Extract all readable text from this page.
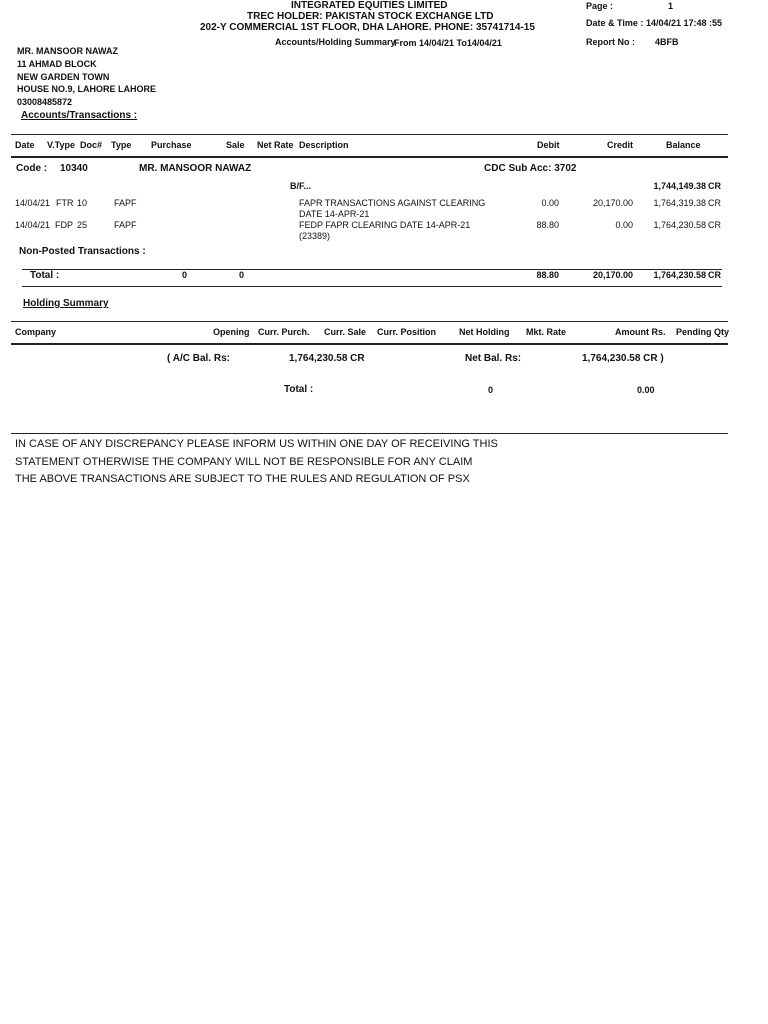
INTEGRATED EQUITIES LIMITED
TREC HOLDER: PAKISTAN STOCK EXCHANGE LTD
202-Y COMMERCIAL 1ST FLOOR, DHA LAHORE. PHONE: 35741714-15
Accounts/Holding Summary
From 14/04/21 To14/04/21
Page :	1
Date & Time : 14/04/21 17:48 :55
Report No : 4BFB
MR. MANSOOR NAWAZ
11 AHMAD BLOCK
NEW GARDEN TOWN
HOUSE NO.9, LAHORE LAHORE
03008485872
Accounts/Transactions :
Date V.Type Doc# Type Purchase	Sale Net Rate Description	Debit	Credit	Balance
Code : 10340	MR. MANSOOR NAWAZ	CDC Sub Acc: 3702
B/F...	1,744,149.38 CR
14/04/21 FTR 10	FAPF	FAPR TRANSACTIONS AGAINST CLEARING
DATE 14-APR-21
0.00	20,170.00	1,764,319.38 CR
14/04/21 FDP 25	FAPF	FEDP FAPR CLEARING DATE 14-APR-21
(23389)
88.80	0.00	1,764,230.58 CR
Non-Posted Transactions :
Total :	0	0	88.80	20,170.00	1,764,230.58 CR
Holding Summary
Company	Opening Curr. Purch. Curr. Sale Curr. Position	Net Holding Mkt. Rate	Amount Rs. Pending Qty
( A/C Bal. Rs:	1,764,230.58 CR	Net Bal. Rs:	1,764,230.58 CR )
Total :	0	0.00
IN CASE OF ANY DISCREPANCY PLEASE INFORM US WITHIN ONE DAY OF RECEIVING THIS
STATEMENT OTHERWISE THE COMPANY WILL NOT BE RESPONSIBLE FOR ANY CLAIM
THE ABOVE TRANSACTIONS ARE SUBJECT TO THE RULES AND REGULATION OF PSX
